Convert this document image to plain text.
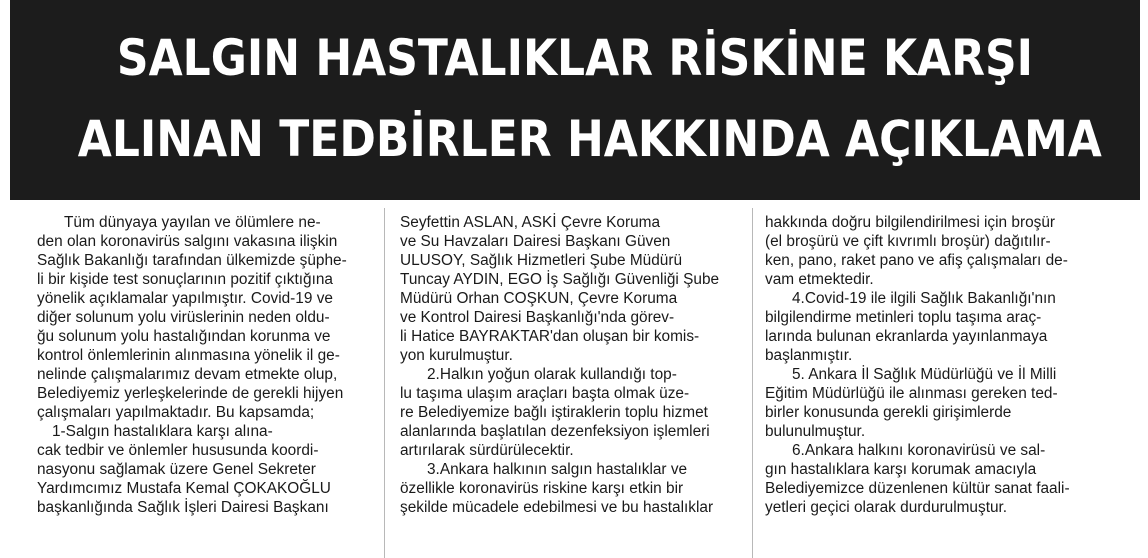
SALGIN HASTALIKLAR RİSKİNE KARŞI
ALINAN TEDBİRLER HAKKINDA AÇIKLAMA
Tüm dünyaya yayılan ve ölümlere ne-
den olan koronavirüs salgını vakasına ilişkin
Sağlık Bakanlığı tarafından ülkemizde şüphe-
li bir kişide test sonuçlarının pozitif çıktığına
yönelik açıklamalar yapılmıştır. Covid-19 ve
diğer solunum yolu virüslerinin neden oldu-
ğu solunum yolu hastalığından korunma ve
kontrol önlemlerinin alınmasına yönelik il ge-
nelinde çalışmalarımız devam etmekte olup,
Belediyemiz yerleşkelerinde de gerekli hijyen
çalışmaları yapılmaktadır. Bu kapsamda;
1-Salgın hastalıklara karşı alına-
cak tedbir ve önlemler hususunda koordi-
nasyonu sağlamak üzere Genel Sekreter
Yardımcımız Mustafa Kemal ÇOKAKOĞLU
başkanlığında Sağlık İşleri Dairesi Başkanı
Seyfettin ASLAN, ASKİ Çevre Koruma
ve Su Havzaları Dairesi Başkanı Güven
ULUSOY, Sağlık Hizmetleri Şube Müdürü
Tuncay AYDIN, EGO İş Sağlığı Güvenliği Şube
Müdürü Orhan COŞKUN, Çevre Koruma
ve Kontrol Dairesi Başkanlığı'nda görev-
li Hatice BAYRAKTAR'dan oluşan bir komis-
yon kurulmuştur.
2.Halkın yoğun olarak kullandığı top-
lu taşıma ulaşım araçları başta olmak üze-
re Belediyemize bağlı iştiraklerin toplu hizmet
alanlarında başlatılan dezenfeksiyon işlemleri
artırılarak sürdürülecektir.
3.Ankara halkının salgın hastalıklar ve
özellikle koronavirüs riskine karşı etkin bir
şekilde mücadele edebilmesi ve bu hastalıklar
hakkında doğru bilgilendirilmesi için broşür
(el broşürü ve çift kıvrımlı broşür) dağıtılır-
ken, pano, raket pano ve afiş çalışmaları de-
vam etmektedir.
4.Covid-19 ile ilgili Sağlık Bakanlığı'nın
bilgilendirme metinleri toplu taşıma araç-
larında bulunan ekranlarda yayınlanmaya
başlanmıştır.
5. Ankara İl Sağlık Müdürlüğü ve İl Milli
Eğitim Müdürlüğü ile alınması gereken ted-
birler konusunda gerekli girişimlerde
bulunulmuştur.
6.Ankara halkını koronavirüsü ve sal-
gın hastalıklara karşı korumak amacıyla
Belediyemizce düzenlenen kültür sanat faali-
yetleri geçici olarak durdurulmuştur.
